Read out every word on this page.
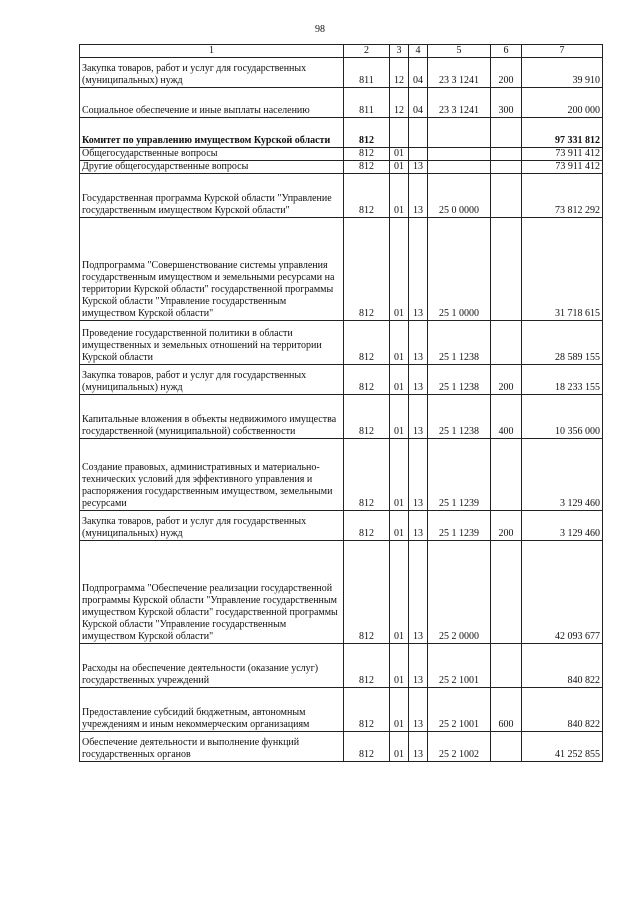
98
1	2	3	4	5	6	7
Закупка товаров, работ и услуг для государственных (муниципальных) нужд	811	12	04	23 3 1241	200	39 910
Социальное обеспечение и иные выплаты населению	811	12	04	23 3 1241	300	200 000
Комитет по управлению имуществом Курской области	812					97 331 812
Общегосударственные вопросы	812	01				73 911 412
Другие общегосударственные вопросы	812	01	13			73 911 412
Государственная программа Курской области "Управление государственным имуществом Курской области"	812	01	13	25 0 0000		73 812 292
Подпрограмма "Совершенствование системы управления государственным имуществом и земельными ресурсами на территории Курской области" государственной программы Курской области "Управление государственным имуществом Курской области"	812	01	13	25 1 0000		31 718 615
Проведение государственной политики в области имущественных и земельных отношений на территории Курской области	812	01	13	25 1 1238		28 589 155
Закупка товаров, работ и услуг для государственных (муниципальных) нужд	812	01	13	25 1 1238	200	18 233 155
Капитальные вложения в объекты недвижимого имущества государственной (муниципальной) собственности	812	01	13	25 1 1238	400	10 356 000
Создание правовых, административных и материально-технических условий для эффективного управления и распоряжения государственным имуществом, земельными ресурсами	812	01	13	25 1 1239		3 129 460
Закупка товаров, работ и услуг для государственных (муниципальных) нужд	812	01	13	25 1 1239	200	3 129 460
Подпрограмма "Обеспечение реализации государственной программы Курской области "Управление государственным имуществом Курской области" государственной программы Курской области "Управление государственным имуществом Курской области"	812	01	13	25 2 0000		42 093 677
Расходы на обеспечение деятельности (оказание услуг) государственных учреждений	812	01	13	25 2 1001		840 822
Предоставление субсидий бюджетным, автономным учреждениям и иным некоммерческим организациям	812	01	13	25 2 1001	600	840 822
Обеспечение деятельности и выполнение функций государственных органов	812	01	13	25 2 1002		41 252 855
